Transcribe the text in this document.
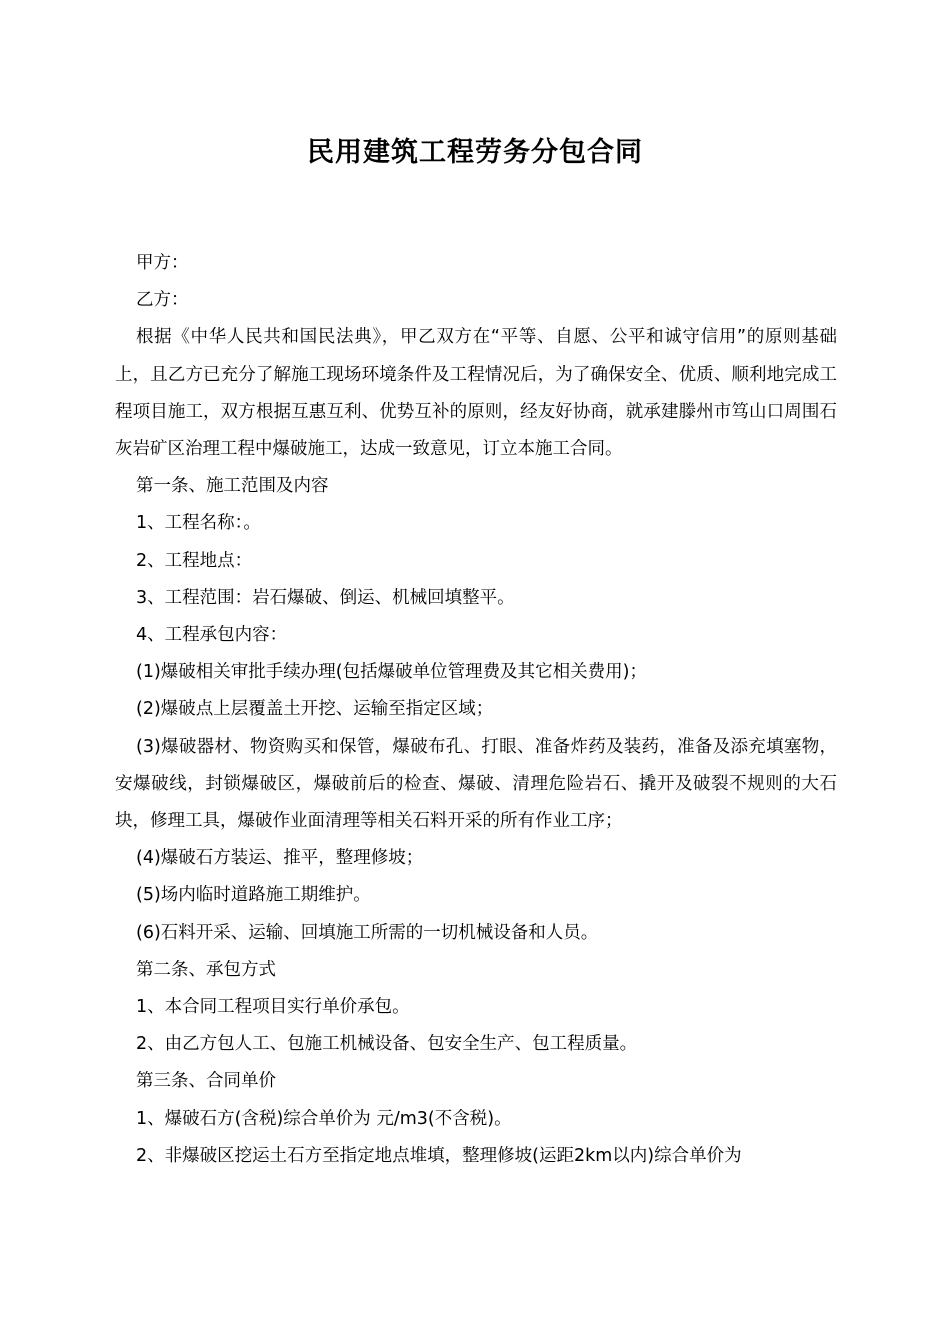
民用建筑工程劳务分包合同

甲方：

乙方：

根据《中华人民共和国民法典》，甲乙双方在“平等、自愿、公平和诚守信用”的原则基础上，且乙方已充分了解施工现场环境条件及工程情况后，为了确保安全、优质、顺利地完成工程项目施工，双方根据互惠互利、优势互补的原则，经友好协商，就承建滕州市笃山口周围石灰岩矿区治理工程中爆破施工，达成一致意见，订立本施工合同。

第一条、施工范围及内容

1、工程名称：。

2、工程地点：

3、工程范围：岩石爆破、倒运、机械回填整平。

4、工程承包内容：

(1)爆破相关审批手续办理(包括爆破单位管理费及其它相关费用)；

(2)爆破点上层覆盖土开挖、运输至指定区域；

(3)爆破器材、物资购买和保管，爆破布孔、打眼、准备炸药及装药，准备及添充填塞物，安爆破线，封锁爆破区，爆破前后的检查、爆破、清理危险岩石、撬开及破裂不规则的大石块，修理工具，爆破作业面清理等相关石料开采的所有作业工序；

(4)爆破石方装运、推平，整理修坡；

(5)场内临时道路施工期维护。

(6)石料开采、运输、回填施工所需的一切机械设备和人员。

第二条、承包方式

1、本合同工程项目实行单价承包。

2、由乙方包人工、包施工机械设备、包安全生产、包工程质量。

第三条、合同单价

1、爆破石方(含税)综合单价为 元/m3(不含税)。

2、非爆破区挖运土石方至指定地点堆填，整理修坡(运距2km以内)综合单价为
